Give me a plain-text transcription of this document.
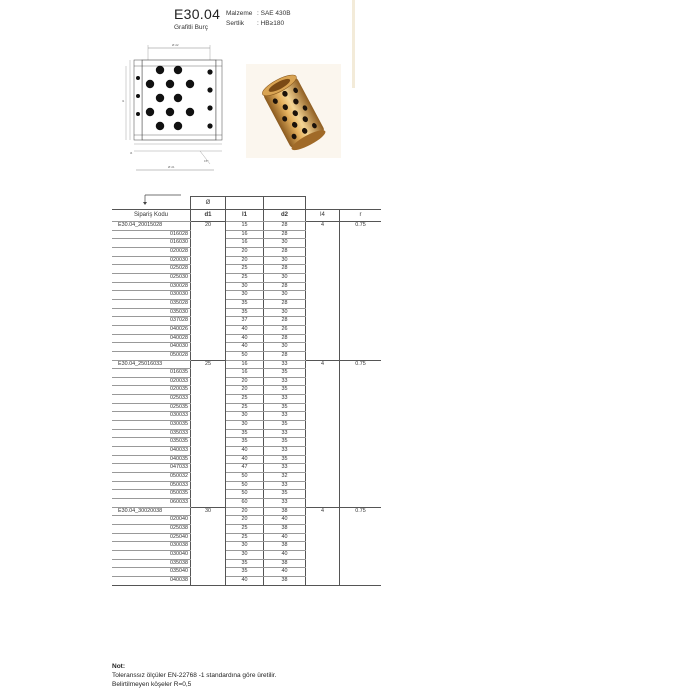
E30.04
Grafitli Burç
Malzeme : SAE 430B
Sertlik : HB≥180
Ø d2
l1
15°
l4
Ø d1
	Ø				
Sipariş Kodu	d1	l1	d2	l4	r
E30.04_20015028	20	15	28	4	0.75
016028		16	28		
016030		16	30		
020028		20	28		
020030		20	30		
025028		25	28		
025030		25	30		
030028		30	28		
030030		30	30		
035028		35	28		
035030		35	30		
037028		37	28		
040026		40	26		
040028		40	28		
040030		40	30		
050028		50	28		
E30.04_25016033	25	16	33	4	0.75
016035		16	35		
020033		20	33		
020035		20	35		
025033		25	33		
025035		25	35		
030033		30	33		
030035		30	35		
035033		35	33		
035035		35	35		
040033		40	33		
040035		40	35		
047033		47	33		
050032		50	32		
050033		50	33		
050035		50	35		
060033		60	33		
E30.04_30020038	30	20	38	4	0.75
020040		20	40		
025038		25	38		
025040		25	40		
030038		30	38		
030040		30	40		
035038		35	38		
035040		35	40		
040038		40	38		
Not:
Toleranssız ölçüler EN-22768 -1 standardına göre üretilir.
Belirtilmeyen köşeler R=0,5
